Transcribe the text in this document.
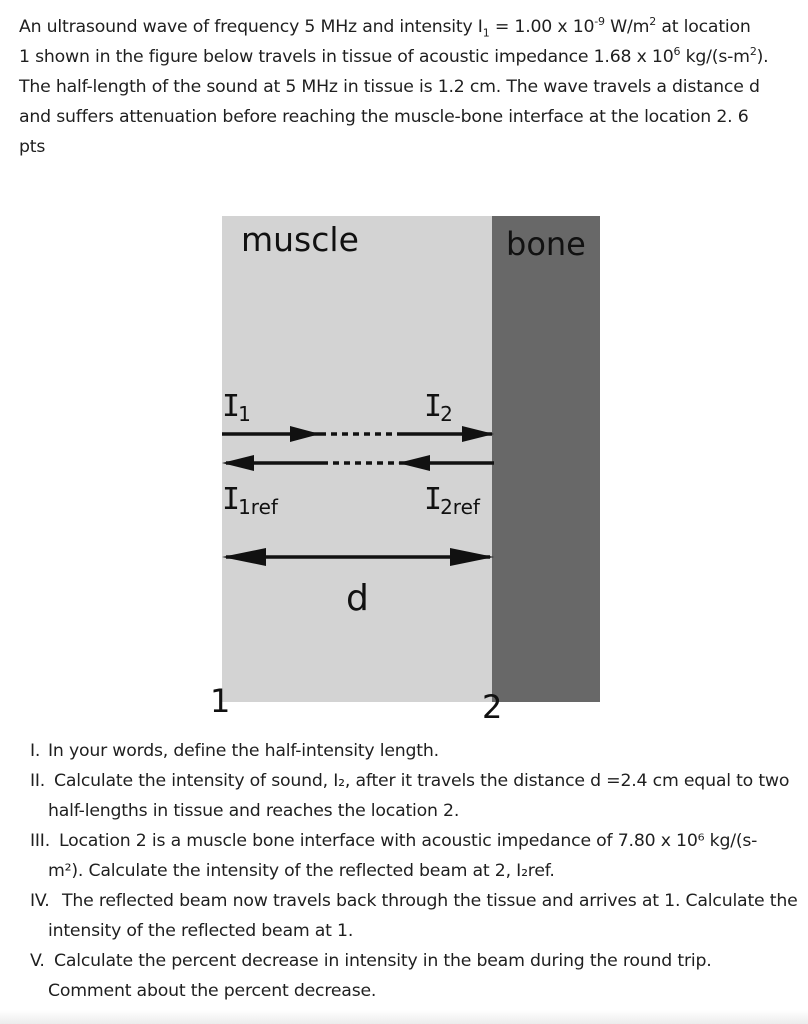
An ultrasound wave of frequency 5 MHz and intensity $I_1 = 1.00$ x $10^{-9}$ $W/m^2$ at location
1 shown in the figure below travels in tissue of acoustic impedance 1.68 x $10^6$ $kg/(s-m^2)$.
The half-length of the sound at 5 MHz in tissue is 1.2 cm. The wave travels a distance d
and suffers attenuation before reaching the muscle-bone interface at the location 2. 6
pts
muscle	bone
$I_1$	$I_2$
$I_{1ref}$	$I_{2ref}$
d
1	2
I. In your words, define the half-intensity length.
II. Calculate the intensity of sound, I₂, after it travels the distance d =2.4 cm equal to two
half-lengths in tissue and reaches the location 2.
III. Location 2 is a muscle bone interface with acoustic impedance of 7.80 x 10⁶ kg/(s-
m²). Calculate the intensity of the reflected beam at 2, I₂ref.
IV. The reflected beam now travels back through the tissue and arrives at 1. Calculate the
intensity of the reflected beam at 1.
V. Calculate the percent decrease in intensity in the beam during the round trip.
Comment about the percent decrease.
